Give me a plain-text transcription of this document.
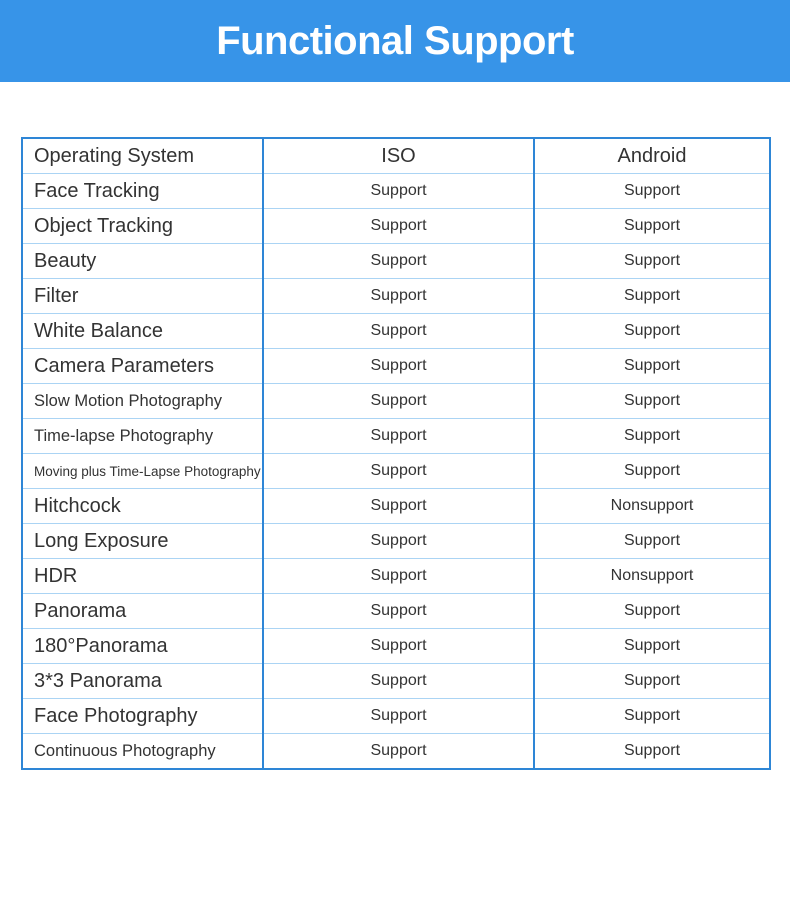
Functional Support
Operating System	ISO	Android
Face Tracking	Support	Support
Object Tracking	Support	Support
Beauty	Support	Support
Filter	Support	Support
White Balance	Support	Support
Camera Parameters	Support	Support
Slow Motion Photography	Support	Support
Time-lapse Photography	Support	Support
Moving plus Time-Lapse Photography	Support	Support
Hitchcock	Support	Nonsupport
Long Exposure	Support	Support
HDR	Support	Nonsupport
Panorama	Support	Support
180°Panorama	Support	Support
3*3 Panorama	Support	Support
Face Photography	Support	Support
Continuous Photography	Support	Support
